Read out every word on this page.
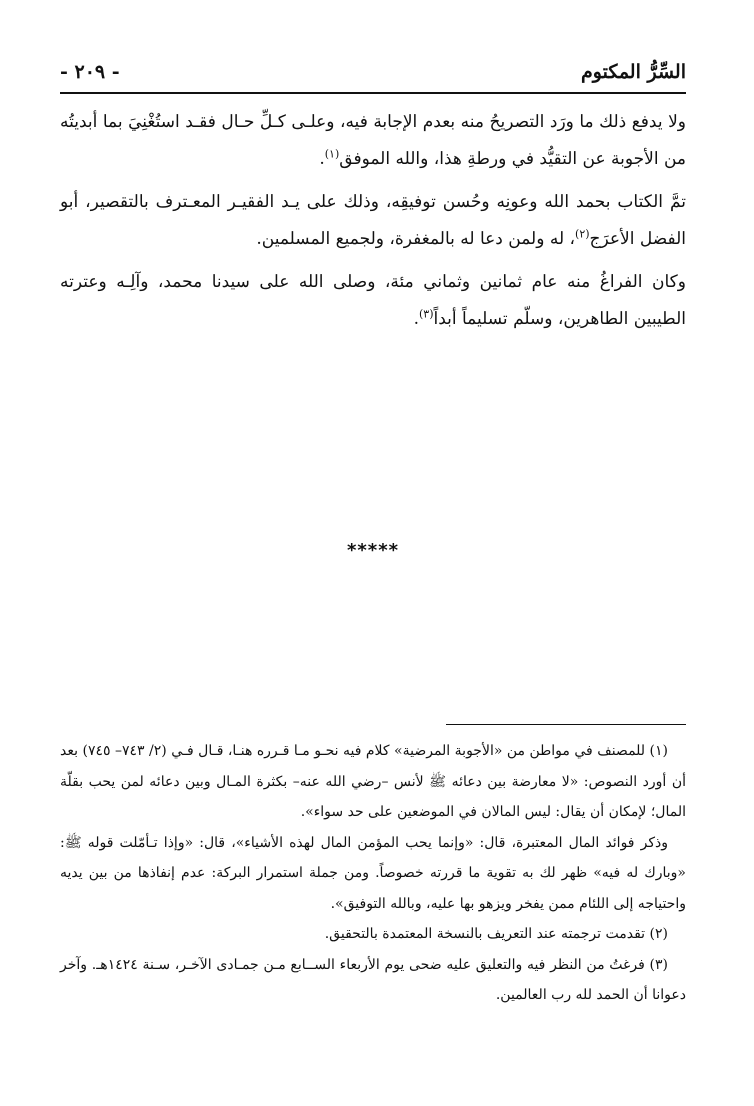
السِّرُّ المكتوم
- ٢٠٩ -

ولا يدفع ذلك ما ورَد التصريحُ منه بعدم الإجابة فيه، وعلـى كـلِّ حـال فقـد استُغْنِيَ بما أبديتُه من الأجوبة عن التقيُّد في ورطةِ هذا، والله الموفق$^{(١)}$.

تمَّ الكتاب بحمد الله وعونِه وحُسن توفيقِه، وذلك على يـد الفقيـر المعـترف بالتقصير، أبو الفضل الأعرَج$^{(٢)}$، له ولمن دعا له بالمغفرة، ولجميع المسلمين.

وكان الفراغُ منه عام ثمانين وثماني مئة، وصلى الله على سيدنا محمد، وآلِـه وعترته الطيبين الطاهرين، وسلّم تسليماً أبداً$^{(٣)}$.

*****

(١) للمصنف في مواطن من «الأجوبة المرضية» كلام فيه نحـو مـا قـرره هنـا، قـال فـي (٢/ ٧٤٣– ٧٤٥) بعد أن أورد النصوص: «لا معارضة بين دعائه ﷺ لأنس –رضي الله عنه– بكثرة المـال وبين دعائه لمن يحب بقلّة المال؛ لإمكان أن يقال: ليس المالان في الموضعين على حد سواء».

وذكر فوائد المال المعتبرة، قال: «وإنما يحب المؤمن المال لهذه الأشياء»، قال: «وإذا تـأمّلت قوله ﷺ: «وبارك له فيه» ظهر لك به تقوية ما قررته خصوصاً. ومن جملة استمرار البركة: عدم إنفاذها من بين يديه واحتياجه إلى اللئام ممن يفخر ويزهو بها عليه، وبالله التوفيق».

(٢) تقدمت ترجمته عند التعريف بالنسخة المعتمدة بالتحقيق.

(٣) فرغتُ من النظر فيه والتعليق عليه ضحى يوم الأربعاء الســابع مـن جمـادى الآخـر، سـنة ١٤٢٤هـ. وآخر دعوانا أن الحمد لله رب العالمين.
